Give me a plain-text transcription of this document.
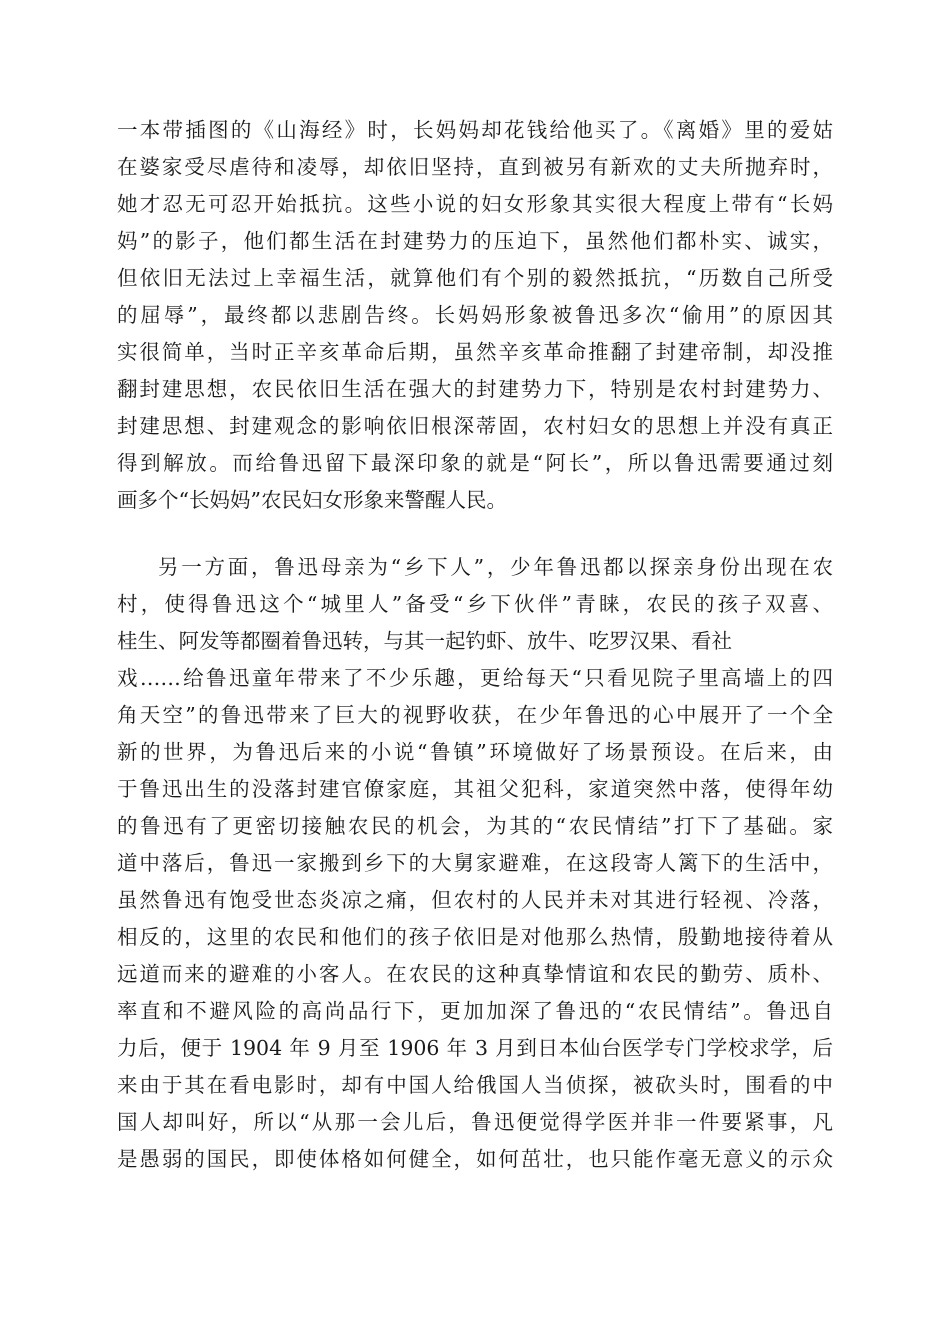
一本带插图的《山海经》时，长妈妈却花钱给他买了。《离婚》里的爱姑
在婆家受尽虐待和凌辱，却依旧坚持，直到被另有新欢的丈夫所抛弃时，
她才忍无可忍开始抵抗。这些小说的妇女形象其实很大程度上带有“长妈
妈”的影子，他们都生活在封建势力的压迫下，虽然他们都朴实、诚实，
但依旧无法过上幸福生活，就算他们有个别的毅然抵抗，“历数自己所受
的屈辱”，最终都以悲剧告终。长妈妈形象被鲁迅多次“偷用”的原因其
实很简单，当时正辛亥革命后期，虽然辛亥革命推翻了封建帝制，却没推
翻封建思想，农民依旧生活在强大的封建势力下，特别是农村封建势力、
封建思想、封建观念的影响依旧根深蒂固，农村妇女的思想上并没有真正
得到解放。而给鲁迅留下最深印象的就是“阿长”，所以鲁迅需要通过刻
画多个“长妈妈”农民妇女形象来警醒人民。
另一方面，鲁迅母亲为“乡下人”，少年鲁迅都以探亲身份出现在农
村，使得鲁迅这个“城里人”备受“乡下伙伴”青睐，农民的孩子双喜、
桂生、阿发等都圈着鲁迅转，与其一起钓虾、放牛、吃罗汉果、看社
戏……给鲁迅童年带来了不少乐趣，更给每天“只看见院子里高墙上的四
角天空”的鲁迅带来了巨大的视野收获，在少年鲁迅的心中展开了一个全
新的世界，为鲁迅后来的小说“鲁镇”环境做好了场景预设。在后来，由
于鲁迅出生的没落封建官僚家庭，其祖父犯科，家道突然中落，使得年幼
的鲁迅有了更密切接触农民的机会，为其的“农民情结”打下了基础。家
道中落后，鲁迅一家搬到乡下的大舅家避难，在这段寄人篱下的生活中，
虽然鲁迅有饱受世态炎凉之痛，但农村的人民并未对其进行轻视、冷落，
相反的，这里的农民和他们的孩子依旧是对他那么热情，殷勤地接待着从
远道而来的避难的小客人。在农民的这种真挚情谊和农民的勤劳、质朴、
率直和不避风险的高尚品行下，更加加深了鲁迅的“农民情结”。鲁迅自
力后，便于 1904 年 9 月至 1906 年 3 月到日本仙台医学专门学校求学，后
来由于其在看电影时，却有中国人给俄国人当侦探，被砍头时，围看的中
国人却叫好，所以“从那一会儿后，鲁迅便觉得学医并非一件要紧事，凡
是愚弱的国民，即使体格如何健全，如何茁壮，也只能作毫无意义的示众
